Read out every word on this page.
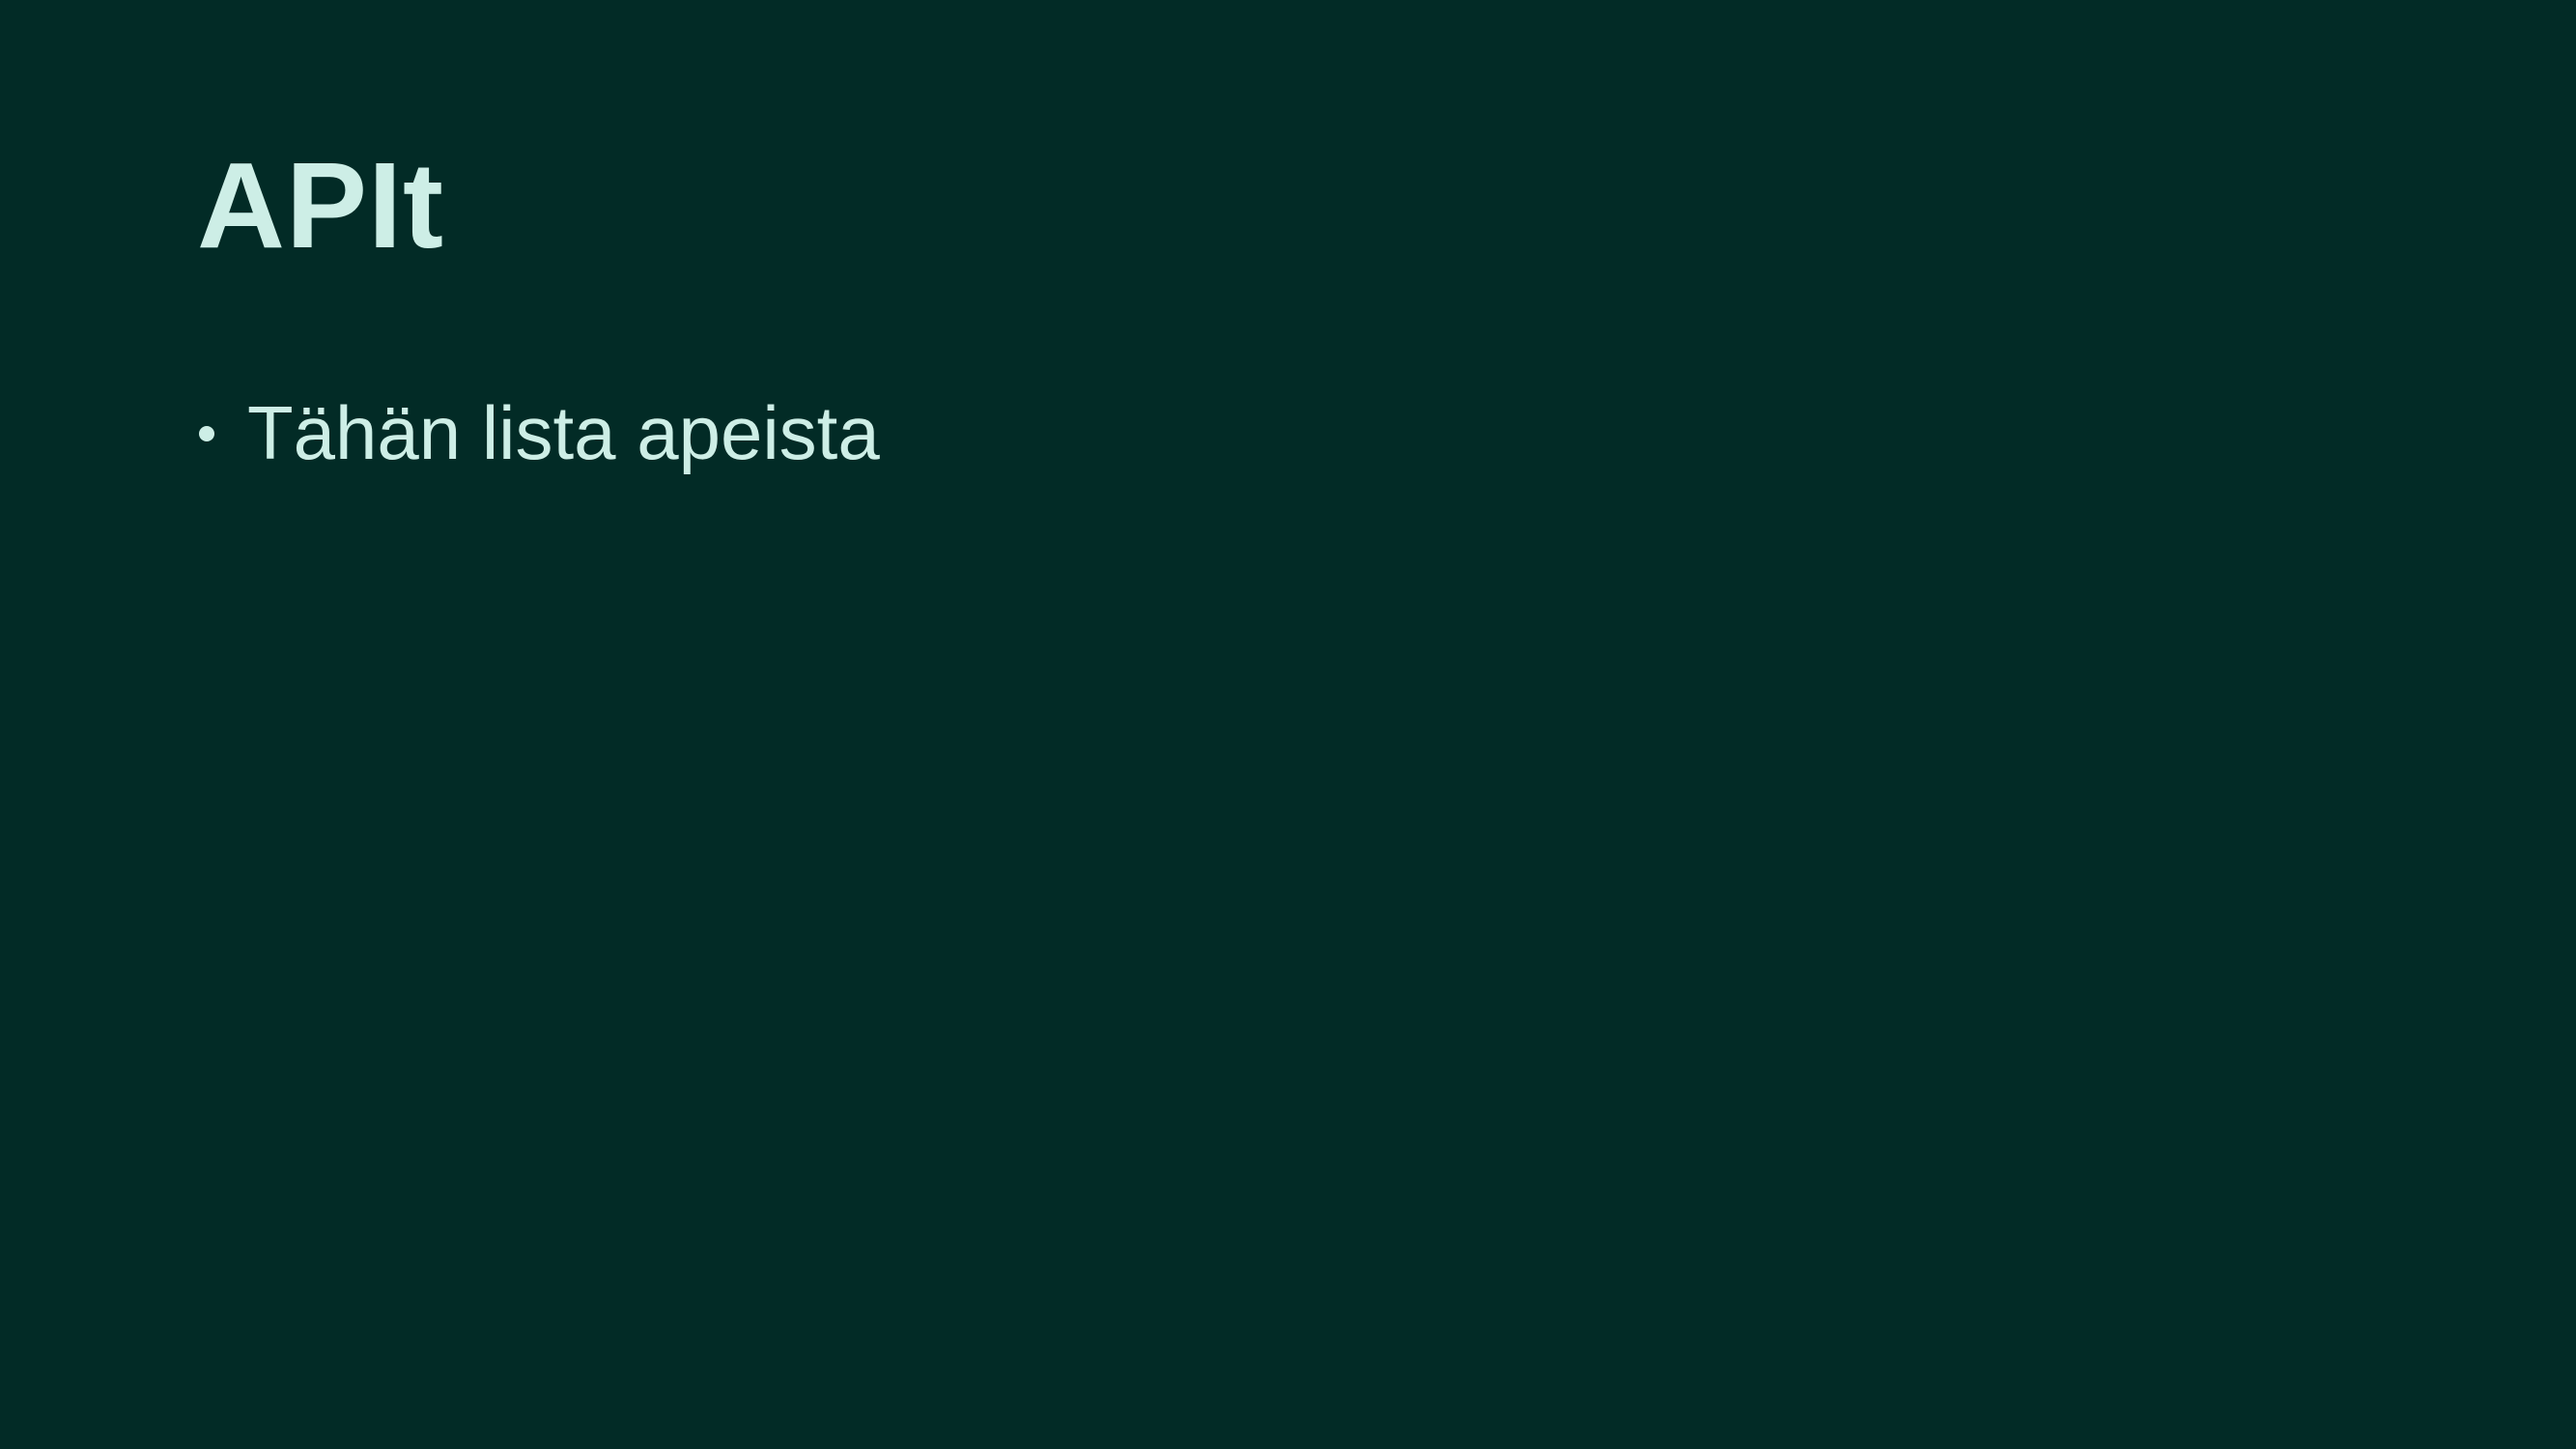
APIt
Tähän lista apeista
